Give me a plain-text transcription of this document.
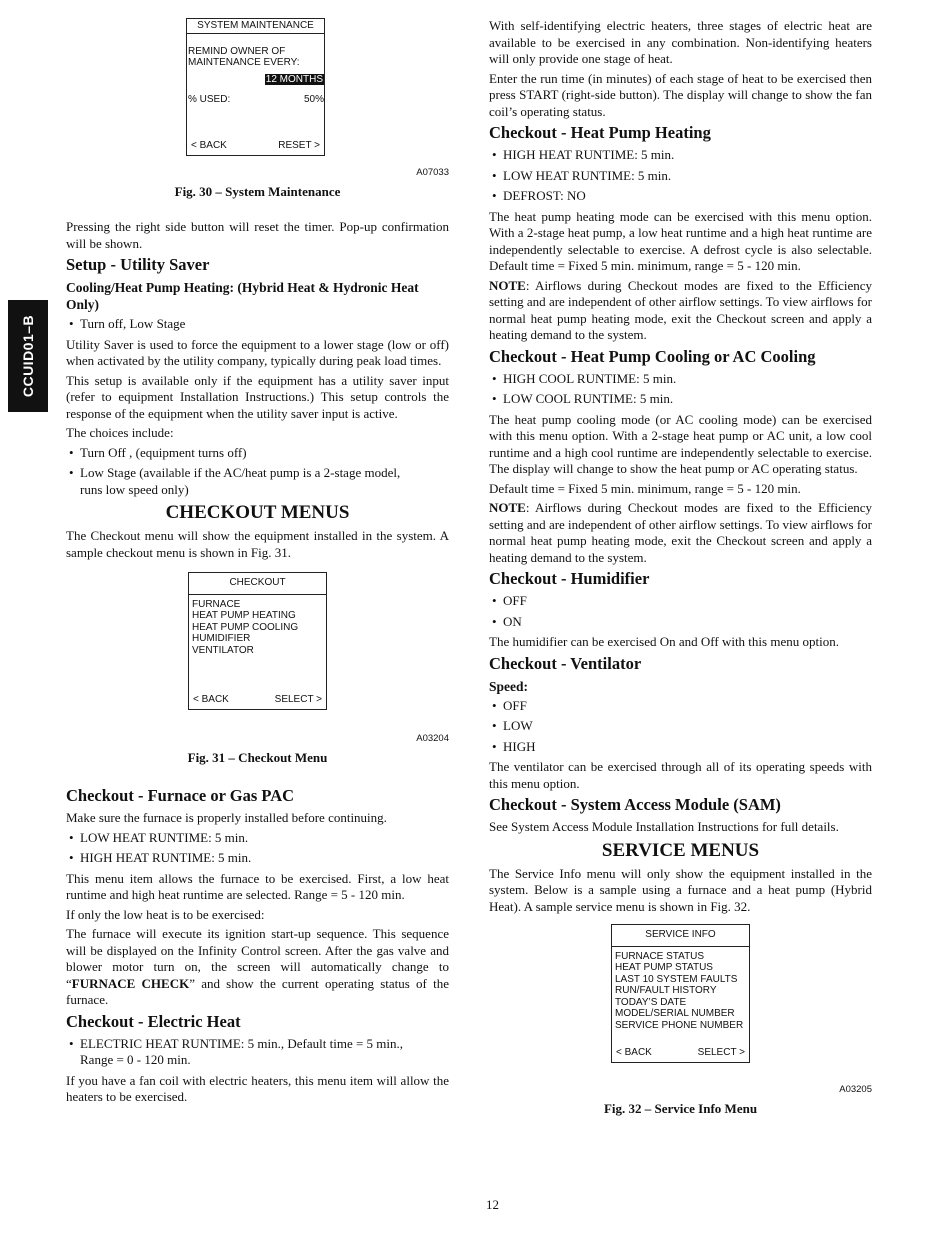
CCUID01–B
SYSTEM MAINTENANCE
REMIND OWNER OF
MAINTENANCE EVERY:
12 MONTHS
% USED:	50%
< BACK	RESET >
A07033
Fig. 30 – System Maintenance

Pressing the right side button will reset the timer. Pop-up confirmation will be shown.

Setup - Utility Saver
Cooling/Heat Pump Heating: (Hybrid Heat & Hydronic Heat Only)
• Turn off, Low Stage

Utility Saver is used to force the equipment to a lower stage (low or off) when activated by the utility company, typically during peak load times.

This setup is available only if the equipment has a utility saver input (refer to equipment Installation Instructions.) This setup controls the response of the equipment when the utility saver input is active.

The choices include:

• Turn Off , (equipment turns off)
• Low Stage (available if the AC/heat pump is a 2-stage model,
runs low speed only)
CHECKOUT MENUS

The Checkout menu will show the equipment installed in the system. A sample checkout menu is shown in Fig. 31.

CHECKOUT
FURNACE
HEAT PUMP HEATING
HEAT PUMP COOLING
HUMIDIFIER
VENTILATOR
< BACK	SELECT >
A03204
Fig. 31 – Checkout Menu
Checkout - Furnace or Gas PAC

Make sure the furnace is properly installed before continuing.

• LOW HEAT RUNTIME: 5 min.
• HIGH HEAT RUNTIME: 5 min.

This menu item allows the furnace to be exercised. First, a low heat runtime and high heat runtime are selected. Range = 5 - 120 min.

If only the low heat is to be exercised:

The furnace will execute its ignition start-up sequence. This sequence will be displayed on the Infinity Control screen. After the gas valve and blower motor turn on, the screen will automatically change to “FURNACE CHECK” and show the current operating status of the furnace.

Checkout - Electric Heat
• ELECTRIC HEAT RUNTIME: 5 min., Default time = 5 min.,
Range = 0 - 120 min.

If you have a fan coil with electric heaters, this menu item will allow the heaters to be exercised.

With self-identifying electric heaters, three stages of electric heat are available to be exercised in any combination. Non-identifying heaters will only provide one stage of heat.

Enter the run time (in minutes) of each stage of heat to be exercised then press START (right-side button). The display will change to show the fan coil’s operating status.

Checkout - Heat Pump Heating
• HIGH HEAT RUNTIME: 5 min.
• LOW HEAT RUNTIME: 5 min.
• DEFROST: NO

The heat pump heating mode can be exercised with this menu option. With a 2-stage heat pump, a low heat runtime and a high heat runtime are independently selectable to exercise. A defrost cycle is also selectable. Default time = Fixed 5 min. minimum, range = 5 - 120 min.

NOTE: Airflows during Checkout modes are fixed to the Efficiency setting and are independent of other airflow settings. To view airflows for normal heat pump heating mode, exit the Checkout screen and apply a heating demand to the system.

Checkout - Heat Pump Cooling or AC Cooling
• HIGH COOL RUNTIME: 5 min.
• LOW COOL RUNTIME: 5 min.

The heat pump cooling mode (or AC cooling mode) can be exercised with this menu option. With a 2-stage heat pump or AC unit, a low cool runtime and a high cool runtime are independently selectable to exercise. The display will change to show the heat pump or AC operating status.

Default time = Fixed 5 min. minimum, range = 5 - 120 min.

NOTE: Airflows during Checkout modes are fixed to the Efficiency setting and are independent of other airflow settings. To view airflows for normal heat pump heating mode, exit the Checkout screen and apply a heating demand to the system.

Checkout - Humidifier
• OFF
• ON

The humidifier can be exercised On and Off with this menu option.

Checkout - Ventilator
Speed:
• OFF
• LOW
• HIGH

The ventilator can be exercised through all of its operating speeds with this menu option.

Checkout - System Access Module (SAM)

See System Access Module Installation Instructions for full details.

SERVICE MENUS

The Service Info menu will only show the equipment installed in the system. Below is a sample using a furnace and a heat pump (Hybrid Heat). A sample service menu is shown in Fig. 32.

SERVICE INFO
FURNACE STATUS
HEAT PUMP STATUS
LAST 10 SYSTEM FAULTS
RUN/FAULT HISTORY
TODAY’S DATE
MODEL/SERIAL NUMBER
SERVICE PHONE NUMBER
< BACK	SELECT >
A03205
Fig. 32 – Service Info Menu
12
